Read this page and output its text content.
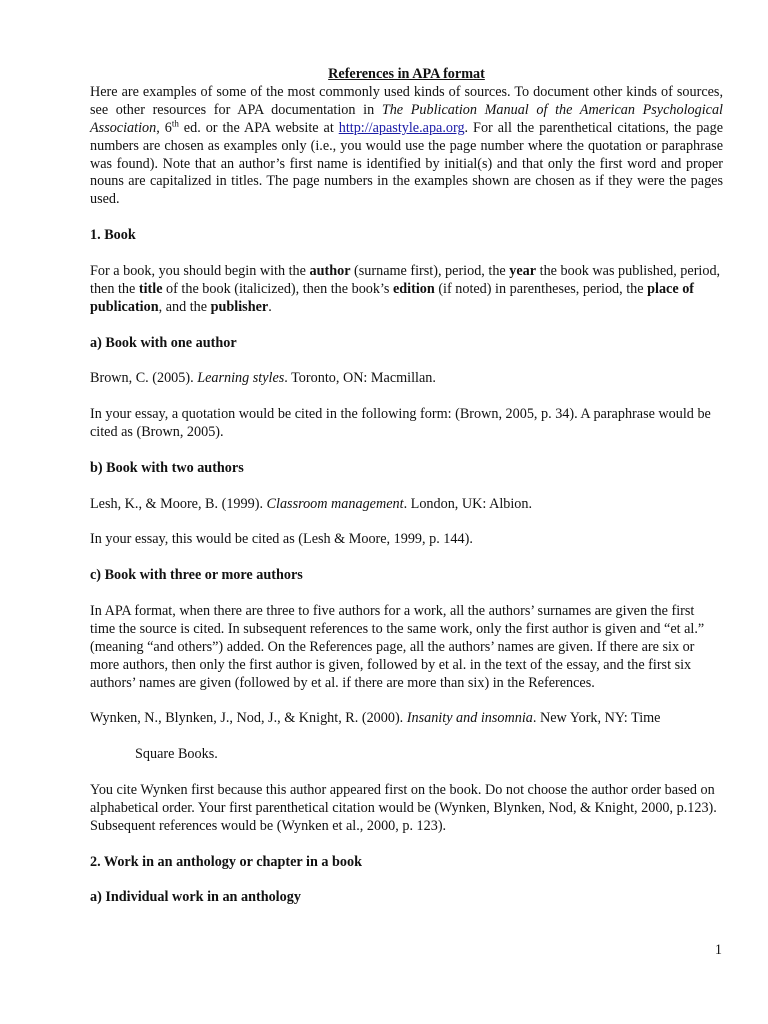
References in APA format

Here are examples of some of the most commonly used kinds of sources. To document other kinds of sources, see other resources for APA documentation in The Publication Manual of the American Psychological Association, 6th ed. or the APA website at http://apastyle.apa.org. For all the parenthetical citations, the page numbers are chosen as examples only (i.e., you would use the page number where the quotation or paraphrase was found). Note that an author’s first name is identified by initial(s) and that only the first word and proper nouns are capitalized in titles. The page numbers in the examples shown are chosen as if they were the pages used.

1. Book

For a book, you should begin with the author (surname first), period, the year the book was published, period, then the title of the book (italicized), then the book’s edition (if noted) in parentheses, period, the place of publication, and the publisher.

a) Book with one author

Brown, C. (2005). Learning styles. Toronto, ON: Macmillan.

In your essay, a quotation would be cited in the following form: (Brown, 2005, p. 34). A paraphrase would be cited as (Brown, 2005).

b) Book with two authors

Lesh, K., & Moore, B. (1999). Classroom management. London, UK: Albion.

In your essay, this would be cited as (Lesh & Moore, 1999, p. 144).

c) Book with three or more authors

In APA format, when there are three to five authors for a work, all the authors’ surnames are given the first time the source is cited. In subsequent references to the same work, only the first author is given and “et al.” (meaning “and others”) added. On the References page, all the authors’ names are given. If there are six or more authors, then only the first author is given, followed by et al. in the text of the essay, and the first six authors’ names are given (followed by et al. if there are more than six) in the References.

Wynken, N., Blynken, J., Nod, J., & Knight, R. (2000). Insanity and insomnia. New York, NY: Time

Square Books.

You cite Wynken first because this author appeared first on the book. Do not choose the author order based on alphabetical order. Your first parenthetical citation would be (Wynken, Blynken, Nod, & Knight, 2000, p.123). Subsequent references would be (Wynken et al., 2000, p. 123).

2. Work in an anthology or chapter in a book
a) Individual work in an anthology
1
